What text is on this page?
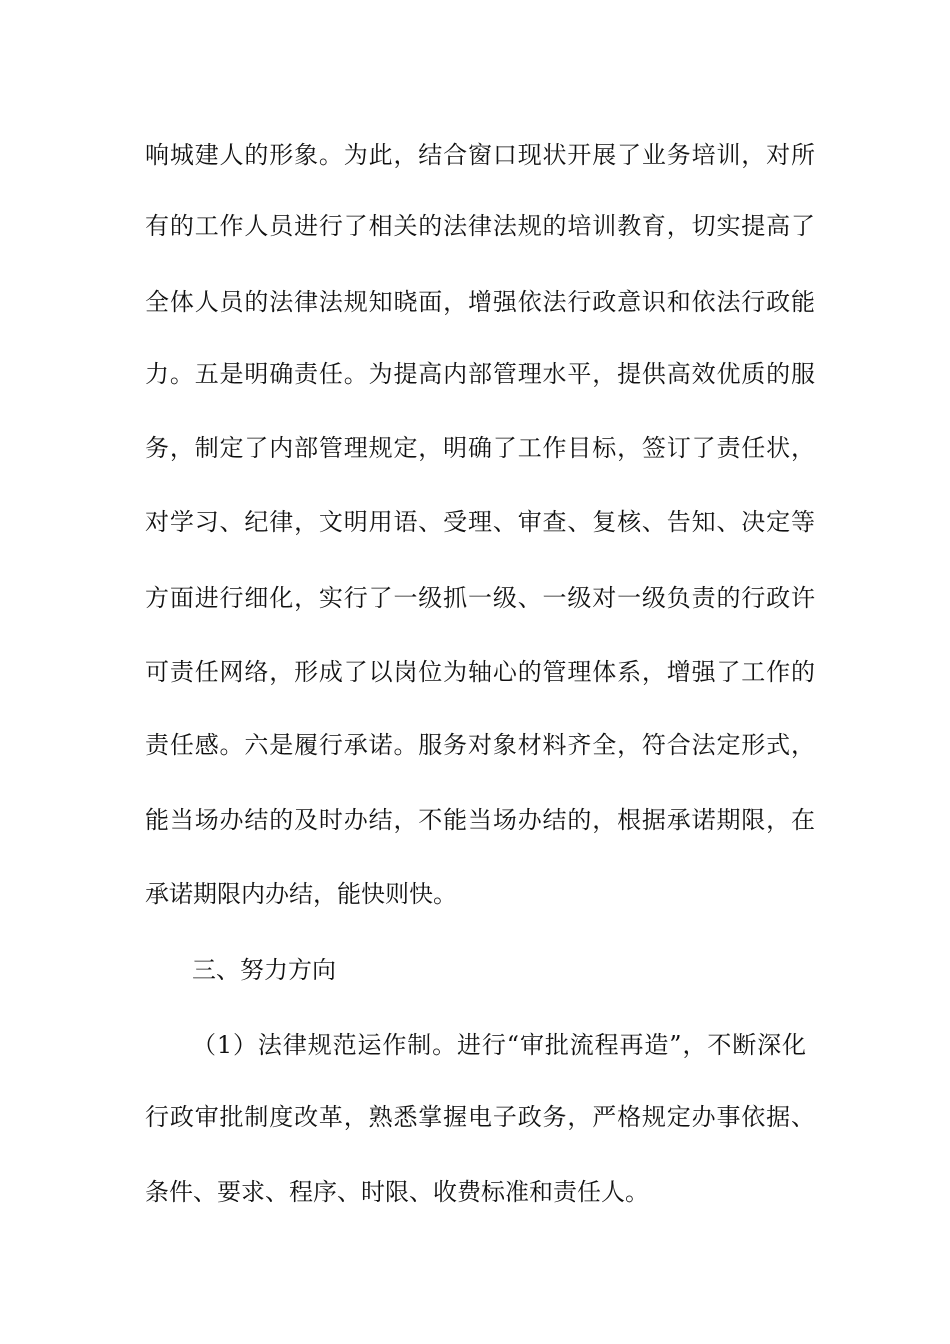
响城建人的形象。为此，结合窗口现状开展了业务培训，对所
有的工作人员进行了相关的法律法规的培训教育，切实提高了
全体人员的法律法规知晓面，增强依法行政意识和依法行政能
力。五是明确责任。为提高内部管理水平，提供高效优质的服
务，制定了内部管理规定，明确了工作目标，签订了责任状，
对学习、纪律，文明用语、受理、审查、复核、告知、决定等
方面进行细化，实行了一级抓一级、一级对一级负责的行政许
可责任网络，形成了以岗位为轴心的管理体系，增强了工作的
责任感。六是履行承诺。服务对象材料齐全，符合法定形式，
能当场办结的及时办结，不能当场办结的，根据承诺期限，在
承诺期限内办结，能快则快。
三、努力方向
（1）法律规范运作制。进行“审批流程再造”，不断深化
行政审批制度改革，熟悉掌握电子政务，严格规定办事依据、
条件、要求、程序、时限、收费标准和责任人。
